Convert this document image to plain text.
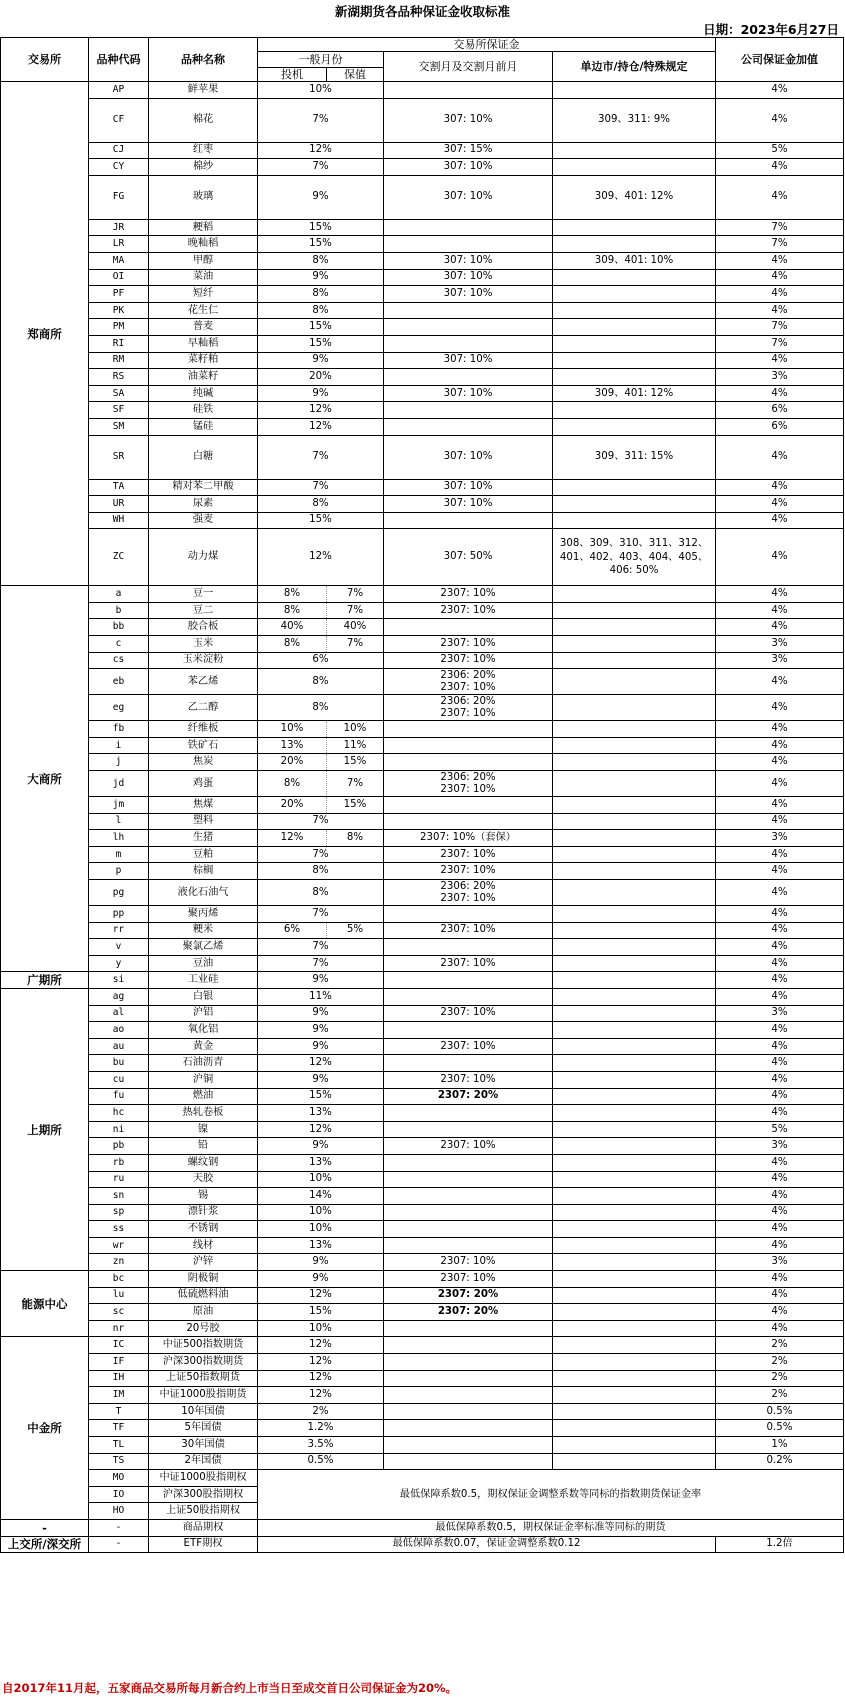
新湖期货各品种保证金收取标准
日期：2023年6月27日
交易所	品种代码	品种名称	交易所保证金				公司保证金加值
			一般月份		交割月及交割月前月	单边市/持仓/特殊规定	
			投机	保值			
郑商所	AP	鲜苹果	10%				4%
	CF	棉花	7%		307: 10%	309、311: 9%	4%
	CJ	红枣	12%		307: 15%		5%
	CY	棉纱	7%		307: 10%		4%
	FG	玻璃	9%		307: 10%	309、401: 12%	4%
	JR	粳稻	15%				7%
	LR	晚籼稻	15%				7%
	MA	甲醇	8%		307: 10%	309、401: 10%	4%
	OI	菜油	9%		307: 10%		4%
	PF	短纤	8%		307: 10%		4%
	PK	花生仁	8%				4%
	PM	普麦	15%				7%
	RI	早籼稻	15%				7%
	RM	菜籽粕	9%		307: 10%		4%
	RS	油菜籽	20%				3%
	SA	纯碱	9%		307: 10%	309、401: 12%	4%
	SF	硅铁	12%				6%
	SM	锰硅	12%				6%
	SR	白糖	7%		307: 10%	309、311: 15%	4%
	TA	精对苯二甲酸	7%		307: 10%		4%
	UR	尿素	8%		307: 10%		4%
	WH	强麦	15%				4%
	ZC	动力煤	12%		307: 50%	308、309、310、311、312、401、402、403、404、405、406: 50%	4%
大商所	a	豆一	8%	7%	2307: 10%		4%
	b	豆二	8%	7%	2307: 10%		4%
	bb	胶合板	40%	40%			4%
	c	玉米	8%	7%	2307: 10%		3%
	cs	玉米淀粉	6%		2307: 10%		3%
	eb	苯乙烯	8%		2306: 20%
2307: 10%		4%
	eg	乙二醇	8%		2306: 20%
2307: 10%		4%
	fb	纤维板	10%	10%			4%
	i	铁矿石	13%	11%			4%
	j	焦炭	20%	15%			4%
	jd	鸡蛋	8%	7%	2306: 20%
2307: 10%		4%
	jm	焦煤	20%	15%			4%
	l	塑料	7%				4%
	lh	生猪	12%	8%	2307: 10%（套保）		3%
	m	豆粕	7%		2307: 10%		4%
	p	棕榈	8%		2307: 10%		4%
	pg	液化石油气	8%		2306: 20%
2307: 10%		4%
	pp	聚丙烯	7%				4%
	rr	粳米	6%	5%	2307: 10%		4%
	v	聚氯乙烯	7%				4%
	y	豆油	7%		2307: 10%		4%
广期所	si	工业硅	9%				4%
上期所	ag	白银	11%				4%
	al	沪铝	9%		2307: 10%		3%
	ao	氧化铝	9%				4%
	au	黄金	9%		2307: 10%		4%
	bu	石油沥青	12%				4%
	cu	沪铜	9%		2307: 10%		4%
	fu	燃油	15%		2307: 20%		4%
	hc	热轧卷板	13%				4%
	ni	镍	12%				5%
	pb	铅	9%		2307: 10%		3%
	rb	螺纹钢	13%				4%
	ru	天胶	10%				4%
	sn	锡	14%				4%
	sp	漂针浆	10%				4%
	ss	不锈钢	10%				4%
	wr	线材	13%				4%
	zn	沪锌	9%		2307: 10%		3%
能源中心	bc	阴极铜	9%		2307: 10%		4%
	lu	低硫燃料油	12%		2307: 20%		4%
	sc	原油	15%		2307: 20%		4%
	nr	20号胶	10%				4%
中金所	IC	中证500指数期货	12%				2%
	IF	沪深300指数期货	12%				2%
	IH	上证50指数期货	12%				2%
	IM	中证1000股指期货	12%				2%
	T	10年国债	2%				0.5%
	TF	5年国债	1.2%				0.5%
	TL	30年国债	3.5%				1%
	TS	2年国债	0.5%				0.2%
	MO	中证1000股指期权	最低保障系数0.5，期权保证金调整系数等同标的指数期货保证金率				
	IO	沪深300股指期权					
	HO	上证50股指期权					
-	-	商品期权	最低保障系数0.5，期权保证金率标准等同标的期货				
上交所/深交所	-	ETF期权	最低保障系数0.07，保证金调整系数0.12				1.2倍
自2017年11月起，五家商品交易所每月新合约上市当日至成交首日公司保证金为20%。
